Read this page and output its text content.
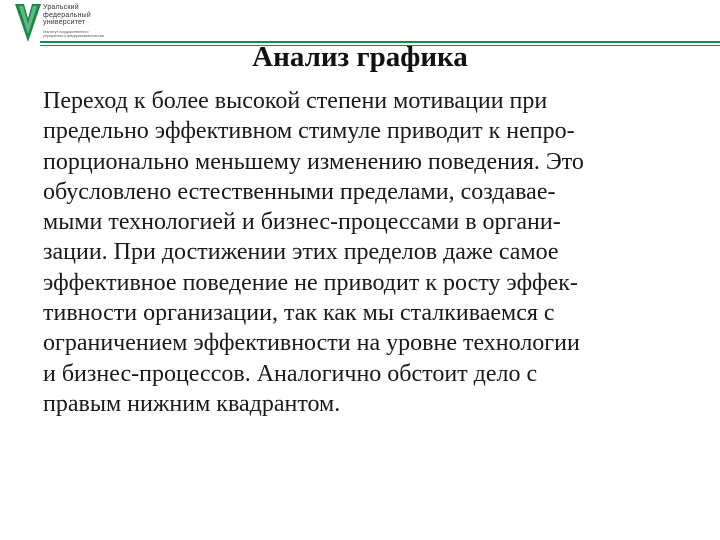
Уральский
федеральный
университет
Институт государственного
управления и предпринимательства
Анализ графика
Переход к более высокой степени мотивации при
предельно эффективном стимуле приводит к непро-
порционально меньшему изменению поведения. Это
обусловлено естественными пределами, создавае-
мыми технологией и бизнес-процессами в органи-
зации. При достижении этих пределов даже самое
эффективное поведение не приводит к росту эффек-
тивности организации, так как мы сталкиваемся с
ограничением эффективности на уровне технологии
и бизнес-процессов. Аналогично обстоит дело с
правым нижним квадрантом.
